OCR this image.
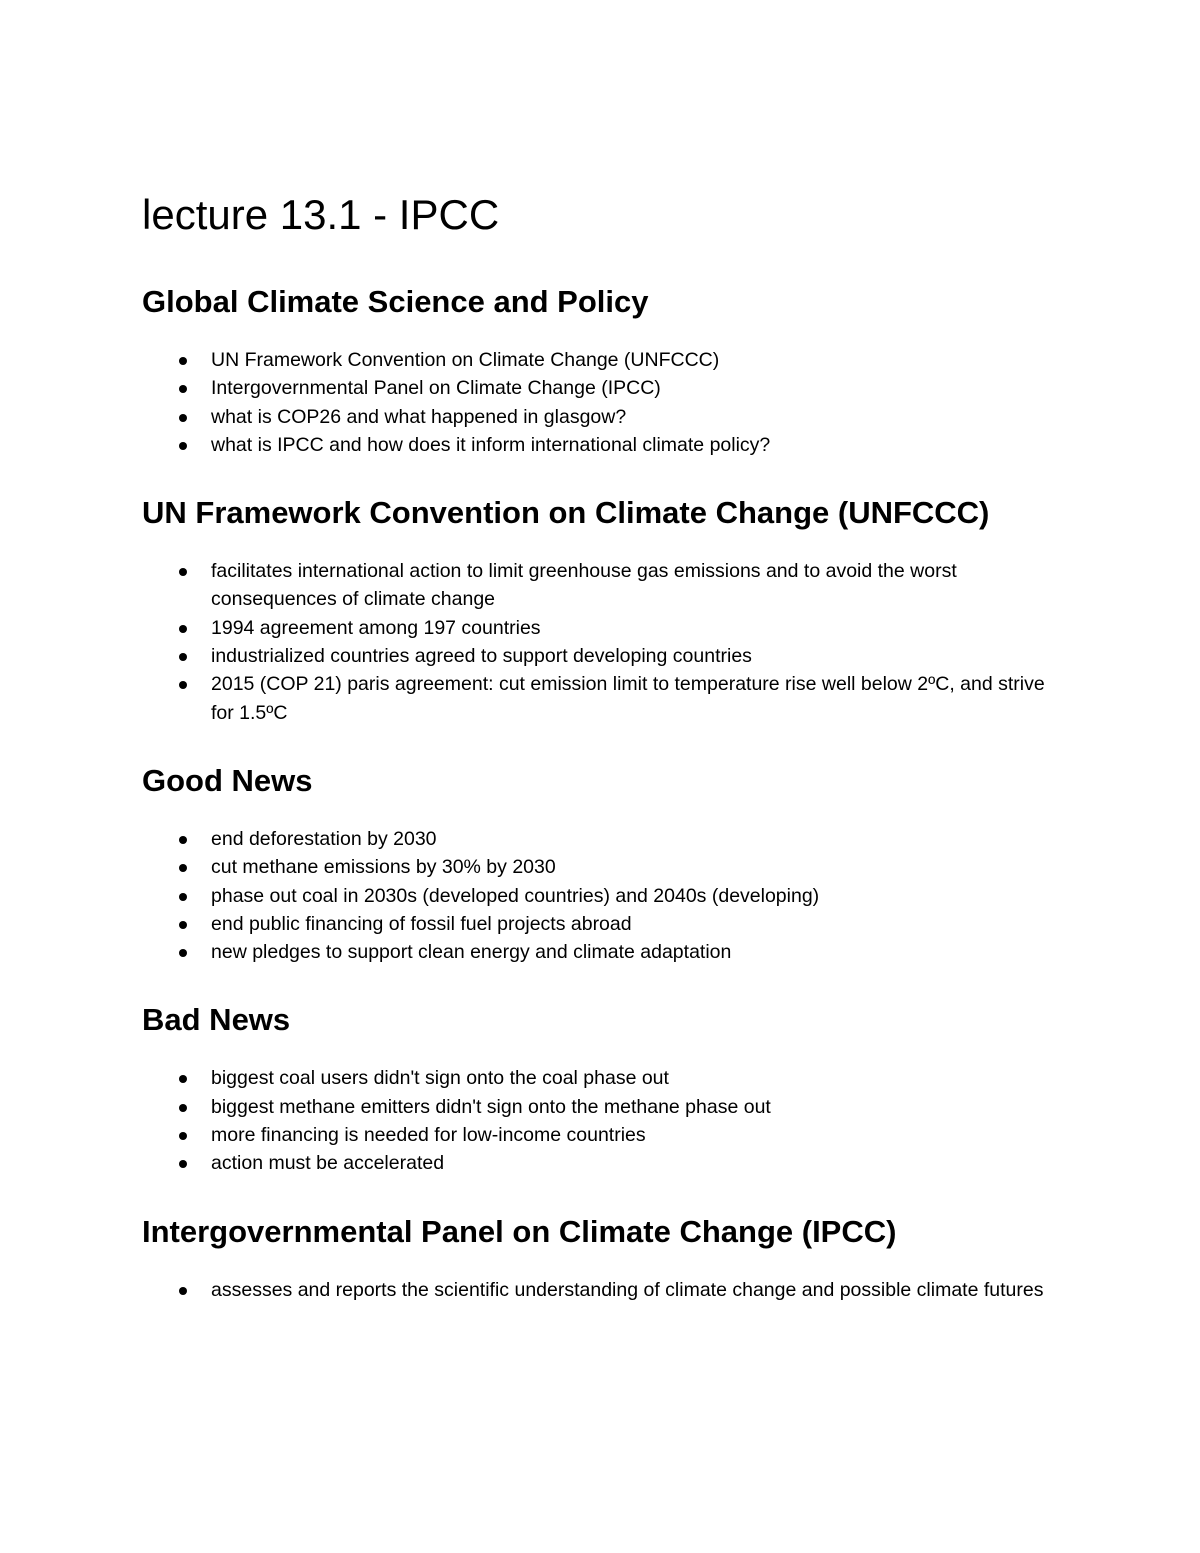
lecture 13.1 - IPCC
Global Climate Science and Policy
UN Framework Convention on Climate Change (UNFCCC)
Intergovernmental Panel on Climate Change (IPCC)
what is COP26 and what happened in glasgow?
what is IPCC and how does it inform international climate policy?
UN Framework Convention on Climate Change (UNFCCC)
facilitates international action to limit greenhouse gas emissions and to avoid the worst consequences of climate change
1994 agreement among 197 countries
industrialized countries agreed to support developing countries
2015 (COP 21) paris agreement: cut emission limit to temperature rise well below 2ºC, and strive for 1.5ºC
Good News
end deforestation by 2030
cut methane emissions by 30% by 2030
phase out coal in 2030s (developed countries) and 2040s (developing)
end public financing of fossil fuel projects abroad
new pledges to support clean energy and climate adaptation
Bad News
biggest coal users didn't sign onto the coal phase out
biggest methane emitters didn't sign onto the methane phase out
more financing is needed for low-income countries
action must be accelerated
Intergovernmental Panel on Climate Change (IPCC)
assesses and reports the scientific understanding of climate change and possible climate futures
